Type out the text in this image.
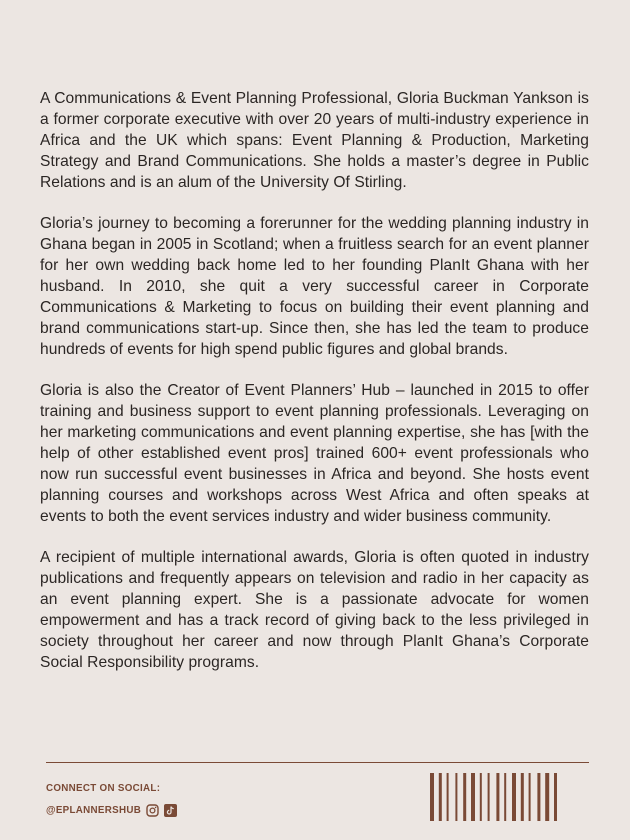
A Communications & Event Planning Professional, Gloria Buckman Yankson is a former corporate executive with over 20 years of multi-industry experience in Africa and the UK which spans: Event Planning & Production, Marketing Strategy and Brand Communications. She holds a master’s degree in Public Relations and is an alum of the University Of Stirling.

Gloria’s journey to becoming a forerunner for the wedding planning industry in Ghana began in 2005 in Scotland; when a fruitless search for an event planner for her own wedding back home led to her founding PlanIt Ghana with her husband. In 2010, she quit a very successful career in Corporate Communications & Marketing to focus on building their event planning and brand communications start-up. Since then, she has led the team to produce hundreds of events for high spend public figures and global brands.

Gloria is also the Creator of Event Planners’ Hub – launched in 2015 to offer training and business support to event planning professionals. Leveraging on her marketing communications and event planning expertise, she has [with the help of other established event pros] trained 600+ event professionals who now run successful event businesses in Africa and beyond. She hosts event planning courses and workshops across West Africa and often speaks at events to both the event services industry and wider business community.

A recipient of multiple international awards, Gloria is often quoted in industry publications and frequently appears on television and radio in her capacity as an event planning expert. She is a passionate advocate for women empowerment and has a track record of giving back to the less privileged in society throughout her career and now through PlanIt Ghana’s Corporate Social Responsibility programs.

CONNECT ON SOCIAL:
@EPLANNERSHUB
